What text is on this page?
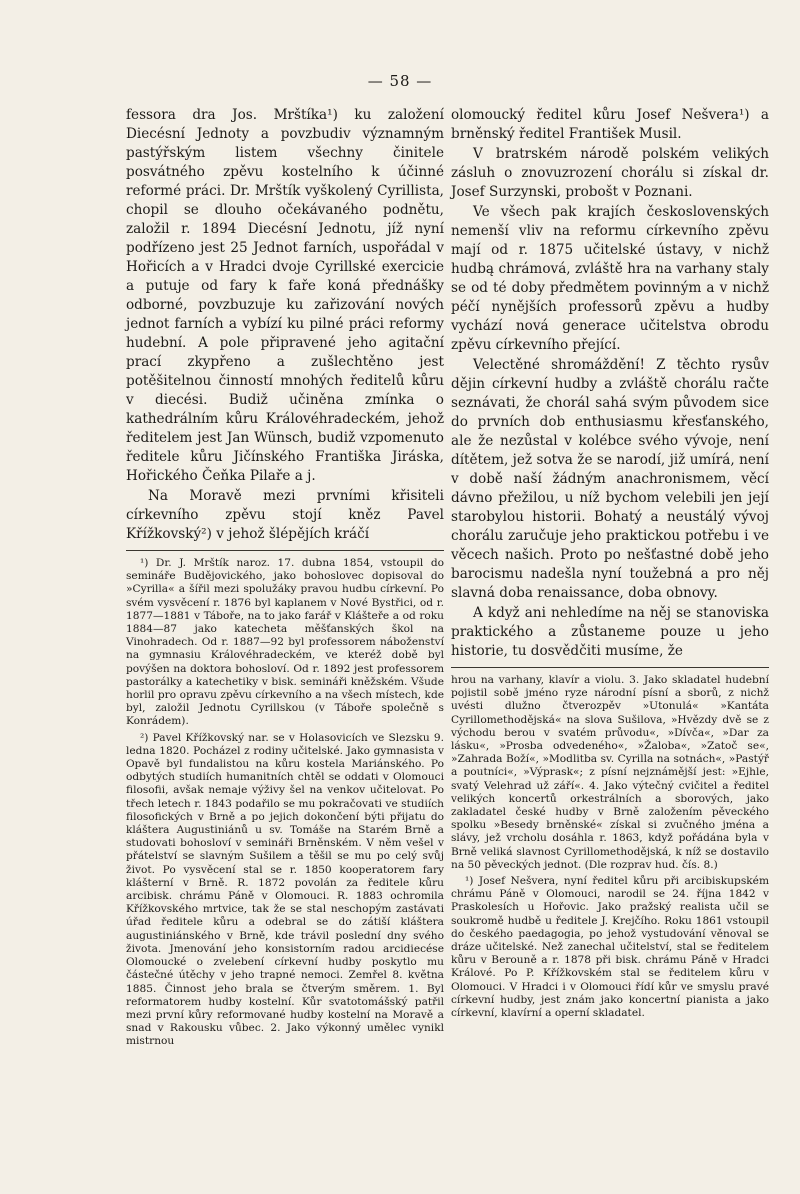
— 58 —

fessora dra Jos. Mrštíka¹) ku založení Diecésní Jednoty a povzbudiv významným pastýřským listem všechny činitele posvátného zpěvu kostelního k účinné reformé práci. Dr. Mrštík vyškolený Cyrillista, chopil se dlouho očekávaného podnětu, založil r. 1894 Diecésní Jednotu, jíž nyní podřízeno jest 25 Jednot farních, uspořádal v Hořicích a v Hradci dvoje Cyrillské exercicie a putuje od fary k faře koná přednášky odborné, povzbuzuje ku zařizování nových jednot farních a vybízí ku pilné práci reformy hudební. A pole připravené jeho agitační prací zkypřeno a zušlechtěno jest potěšitelnou činností mnohých ředitelů kůru v diecési. Budiž učiněna zmínka o kathedrálním kůru Královéhradeckém, jehož ředitelem jest Jan Wünsch, budiž vzpomenuto ředitele kůru Jičínského Františka Jiráska, Hořického Čeňka Pilaře a j.

Na Moravě mezi prvními křisiteli církevního zpěvu stojí kněz Pavel Křížkovský²) v jehož šlépějích kráčí

¹) Dr. J. Mrštík naroz. 17. dubna 1854, vstoupil do semináře Budějovického, jako bohoslovec dopisoval do »Cyrilla« a šířil mezi spolužáky pravou hudbu církevní. Po svém vysvěcení r. 1876 byl kaplanem v Nové Bystřici, od r. 1877—1881 v Táboře, na to jako farář v Klášteře a od roku 1884—87 jako katecheta měšťanských škol na Vinohradech. Od r. 1887—92 byl professorem náboženství na gymnasiu Královéhradeckém, ve kteréž době byl povýšen na doktora bohosloví. Od r. 1892 jest professorem pastorálky a katechetiky v bisk. semináři kněžském. Všude horlil pro opravu zpěvu církevního a na všech místech, kde byl, založil Jednotu Cyrillskou (v Táboře společně s Konrádem).

²) Pavel Křížkovský nar. se v Holasovicích ve Slezsku 9. ledna 1820. Pocházel z rodiny učitelské. Jako gymnasista v Opavě byl fundalistou na kůru kostela Mariánského. Po odbytých studiích humanitních chtěl se oddati v Olomouci filosofii, avšak nemaje výživy šel na venkov učitelovat. Po třech letech r. 1843 podařilo se mu pokračovati ve studiích filosofických v Brně a po jejich dokončení býti přijatu do kláštera Augustiniánů u sv. Tomáše na Starém Brně a studovati bohosloví v semináři Brněnském. V něm vešel v přátelství se slavným Sušilem a těšil se mu po celý svůj život. Po vysvěcení stal se r. 1850 kooperatorem fary klášterní v Brně. R. 1872 povolán za ředitele kůru arcibisk. chrámu Páně v Olomouci. R. 1883 ochromila Křížkovského mrtvice, tak že se stal neschopým zastávati úřad ředitele kůru a odebral se do zátiší kláštera augustiniánského v Brně, kde trávil poslední dny svého života. Jmenování jeho konsistorním radou arcidiecése Olomoucké o zvelebení církevní hudby poskytlo mu částečné útěchy v jeho trapné nemoci. Zemřel 8. května 1885. Činnost jeho brala se čtverým směrem. 1. Byl reformatorem hudby kostelní. Kůr svatotomášský patřil mezi první kůry reformované hudby kostelní na Moravě a snad v Rakousku vůbec. 2. Jako výkonný umělec vynikl mistrnou

olomoucký ředitel kůru Josef Nešvera¹) a brněnský ředitel František Musil.

V bratrském národě polském velikých zásluh o znovuzrození chorálu si získal dr. Josef Surzynski, probošt v Poznani.

Ve všech pak krajích československých nemenší vliv na reformu církevního zpěvu mají od r. 1875 učitelské ústavy, v nichž hudbą chrámová, zvláště hra na varhany staly se od té doby předmětem povinným a v nichž péčí nynějších professorů zpěvu a hudby vychází nová generace učitelstva obrodu zpěvu církevního přející.

Velectěné shromáždění! Z těchto rysův dějin církevní hudby a zvláště chorálu račte seznávati, že chorál sahá svým původem sice do prvních dob enthusiasmu křesťanského, ale že nezůstal v kolébce svého vývoje, není dítětem, jež sotva že se narodí, již umírá, není v době naší žádným anachronismem, věcí dávno přežilou, u níž bychom velebili jen její starobylou historii. Bohatý a neustálý vývoj chorálu zaručuje jeho praktickou potřebu i ve věcech našich. Proto po nešťastné době jeho barocismu nadešla nyní toužebná a pro něj slavná doba renaissance, doba obnovy.

A když ani nehledíme na něj se stanoviska praktického a zůstaneme pouze u jeho historie, tu dosvědčiti musíme, že

hrou na varhany, klavír a violu. 3. Jako skladatel hudební pojistil sobě jméno ryze národní písní a sborů, z nichž uvésti dlužno čtverozpěv »Utonulá« »Kantáta Cyrillomethodějská« na slova Sušilova, »Hvězdy dvě se z východu berou v svatém průvodu«, »Dívča«, »Dar za lásku«, »Prosba odvedeného«, »Žaloba«, »Zatoč se«, »Zahrada Boží«, »Modlitba sv. Cyrilla na sotnách«, »Pastýř a poutníci«, »Výprask«; z písní nejznámější jest: »Ejhle, svatý Velehrad už září«. 4. Jako výtečný cvičitel a ředitel velikých koncertů orkestrálních a sborových, jako zakladatel české hudby v Brně založením pěveckého spolku »Besedy brněnské« získal si zvučného jména a slávy, jež vrcholu dosáhla r. 1863, když pořádána byla v Brně veliká slavnost Cyrillomethodějská, k níž se dostavilo na 50 pěveckých jednot. (Dle rozprav hud. čís. 8.)

¹) Josef Nešvera, nyní ředitel kůru při arcibiskupském chrámu Páně v Olomouci, narodil se 24. října 1842 v Praskolesích u Hořovic. Jako pražský realista učil se soukromě hudbě u ředitele J. Krejčího. Roku 1861 vstoupil do českého paedagogia, po jehož vystudování věnoval se dráze učitelské. Než zanechal učitelství, stal se ředitelem kůru v Berouně a r. 1878 při bisk. chrámu Páně v Hradci Králové. Po P. Křížkovském stal se ředitelem kůru v Olomouci. V Hradci i v Olomouci řídí kůr ve smyslu pravé církevní hudby, jest znám jako koncertní pianista a jako církevní, klavírní a operní skladatel.
